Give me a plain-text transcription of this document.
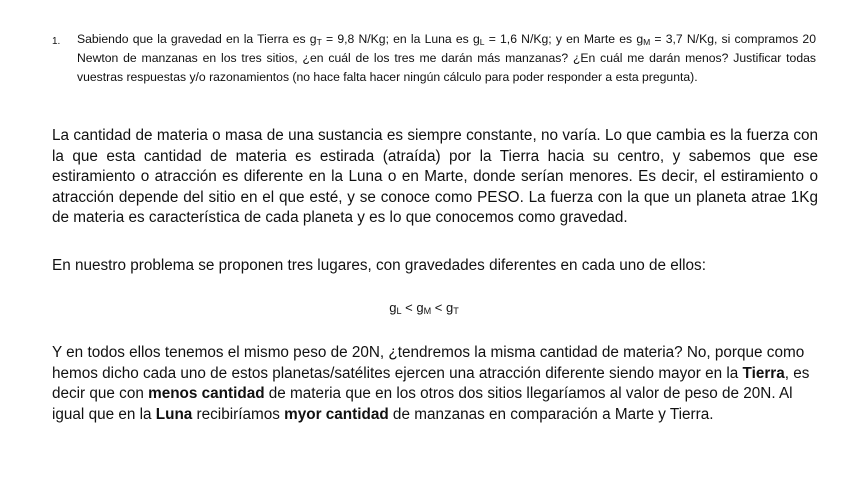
1. Sabiendo que la gravedad en la Tierra es $g_T = 9,8$ N/Kg; en la Luna es $g_L = 1,6$ N/Kg; y en Marte es $g_M = 3,7$ N/Kg, si compramos 20 Newton de manzanas en los tres sitios, ¿en cuál de los tres me darán más manzanas? ¿En cuál me darán menos? Justificar todas vuestras respuestas y/o razonamientos (no hace falta hacer ningún cálculo para poder responder a esta pregunta).
La cantidad de materia o masa de una sustancia es siempre constante, no varía. Lo que cambia es la fuerza con la que esta cantidad de materia es estirada (atraída) por la Tierra hacia su centro, y sabemos que ese estiramiento o atracción es diferente en la Luna o en Marte, donde serían menores. Es decir, el estiramiento o atracción depende del sitio en el que esté, y se conoce como PESO. La fuerza con la que un planeta atrae 1Kg de materia es característica de cada planeta y es lo que conocemos como gravedad.
En nuestro problema se proponen tres lugares, con gravedades diferentes en cada uno de ellos:
$g_L < g_M < g_T$
Y en todos ellos tenemos el mismo peso de 20N, ¿tendremos la misma cantidad de materia? No, porque como hemos dicho cada uno de estos planetas/satélites ejercen una atracción diferente siendo mayor en la Tierra, es decir que con menos cantidad de materia que en los otros dos sitios llegaríamos al valor de peso de 20N. Al igual que en la Luna recibiríamos myor cantidad de manzanas en comparación a Marte y Tierra.
